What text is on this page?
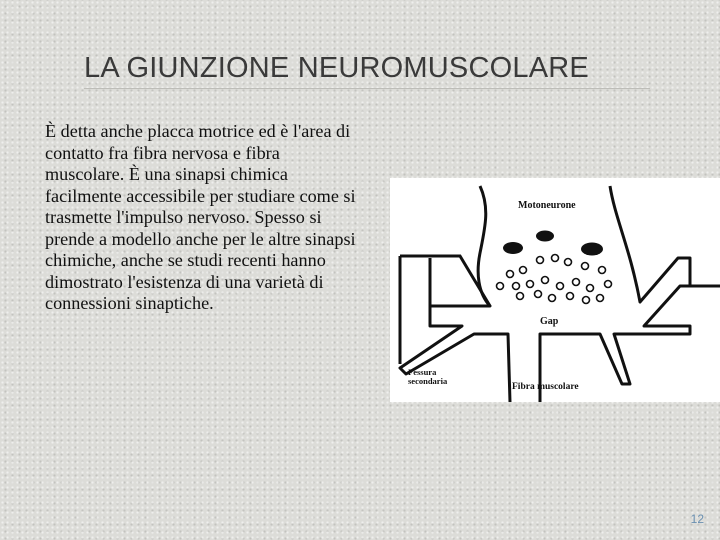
LA GIUNZIONE NEUROMUSCOLARE

È detta anche placca motrice ed è l'area di contatto fra fibra nervosa e fibra muscolare. È una sinapsi chimica facilmente accessibile per studiare come si trasmette l'impulso nervoso. Spesso si prende a modello anche per le altre sinapsi chimiche, anche se studi recenti hanno dimostrato l'esistenza di una varietà di connessioni sinaptiche.

Motoneurone
Gap
Fessura
secondaria
Fibra muscolare
12
